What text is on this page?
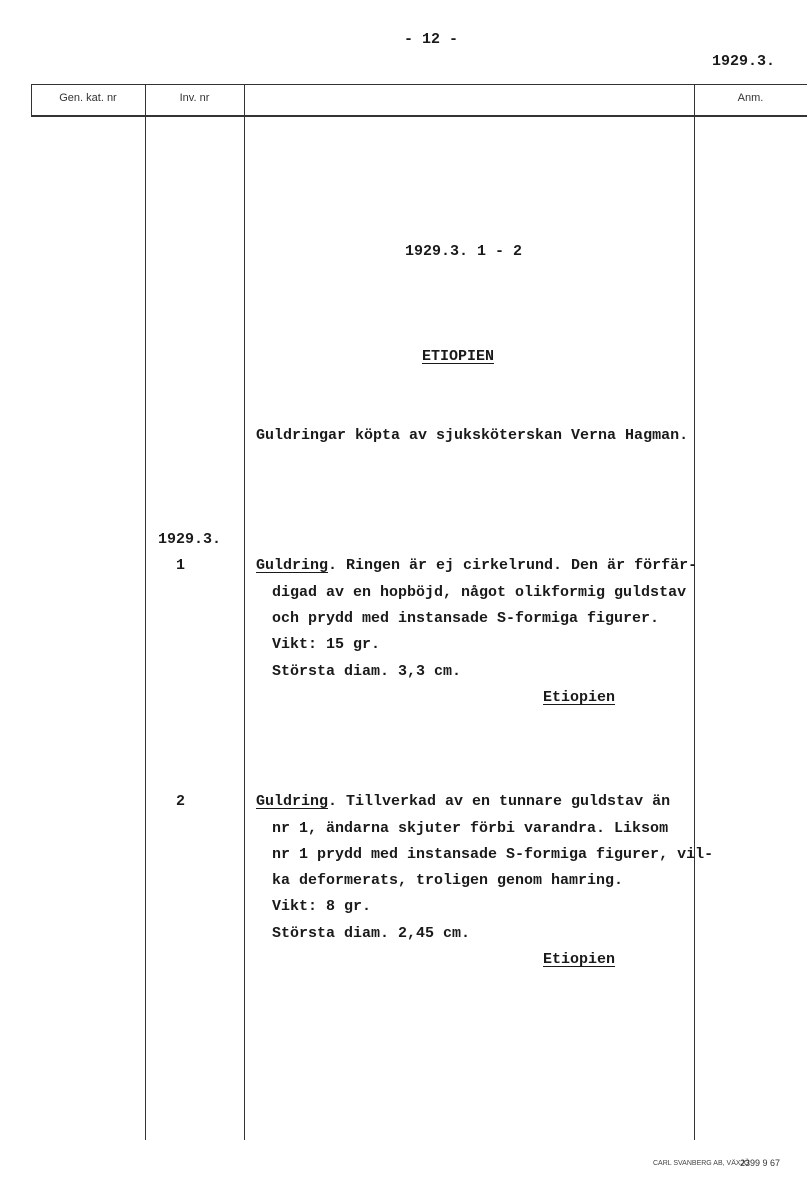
- 12 -
1929.3.
Gen. kat. nr	Inv. nr	Anm.
1929.3. 1 - 2
ETIOPIEN
Guldringar köpta av sjuksköterskan Verna Hagman.
1929.3.
1	Guldring. Ringen är ej cirkelrund. Den är förfär-
digad av en hopböjd, något olikformig guldstav
och prydd med instansade S-formiga figurer.
Vikt: 15 gr.
Största diam. 3,3 cm.
Etiopien
2	Guldring. Tillverkad av en tunnare guldstav än
nr 1, ändarna skjuter förbi varandra. Liksom
nr 1 prydd med instansade S-formiga figurer, vil-
ka deformerats, troligen genom hamring.
Vikt: 8 gr.
Största diam. 2,45 cm.
Etiopien
CARL SVANBERG AB, VÄXJÖ
2399 9 67
